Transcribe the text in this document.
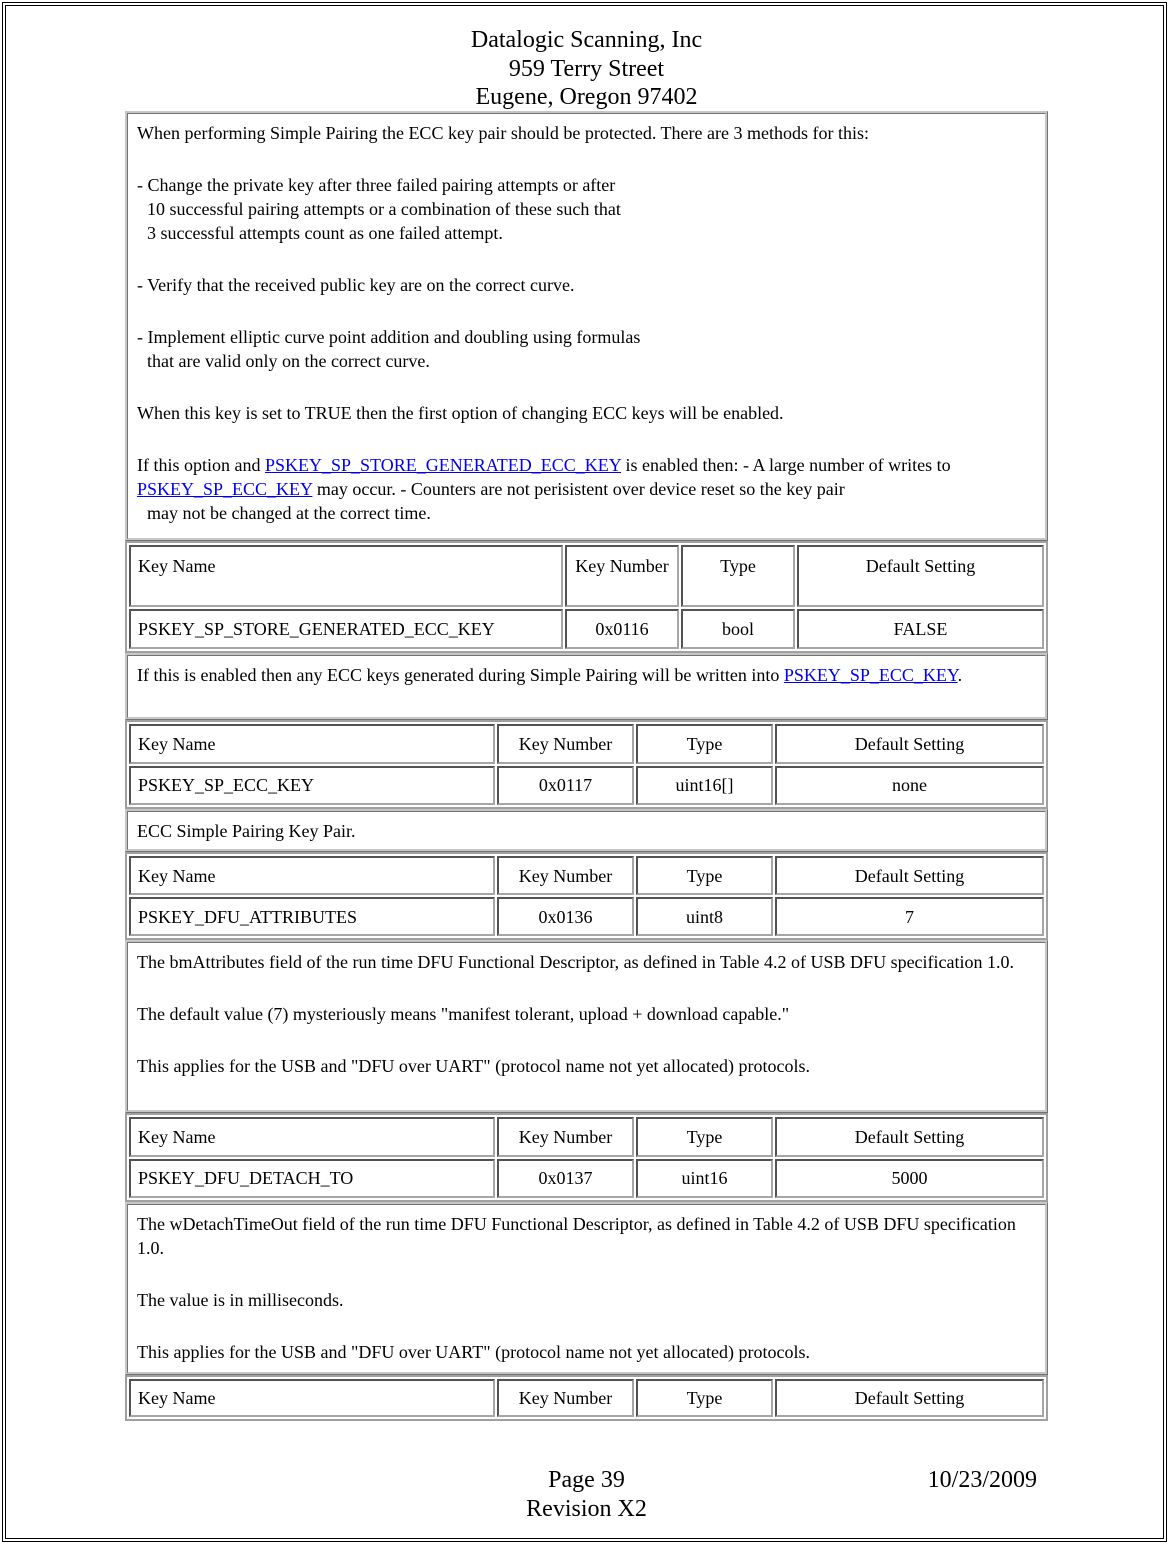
Datalogic Scanning, Inc
959 Terry Street
Eugene, Oregon 97402

When performing Simple Pairing the ECC key pair should be protected. There are 3 methods for this:

- Change the private key after three failed pairing attempts or after
10 successful pairing attempts or a combination of these such that
3 successful attempts count as one failed attempt.

- Verify that the received public key are on the correct curve.

- Implement elliptic curve point addition and doubling using formulas
that are valid only on the correct curve.

When this key is set to TRUE then the first option of changing ECC keys will be enabled.

If this option and PSKEY_SP_STORE_GENERATED_ECC_KEY is enabled then: - A large number of writes to PSKEY_SP_ECC_KEY may occur. - Counters are not perisistent over device reset so the key pair
may not be changed at the correct time.

Key Name	Key Number	Type	Default Setting
PSKEY_SP_STORE_GENERATED_ECC_KEY	0x0116	bool	FALSE

If this is enabled then any ECC keys generated during Simple Pairing will be written into PSKEY_SP_ECC_KEY.

Key Name	Key Number	Type	Default Setting
PSKEY_SP_ECC_KEY	0x0117	uint16[]	none

ECC Simple Pairing Key Pair.

Key Name	Key Number	Type	Default Setting
PSKEY_DFU_ATTRIBUTES	0x0136	uint8	7

The bmAttributes field of the run time DFU Functional Descriptor, as defined in Table 4.2 of USB DFU specification 1.0.

The default value (7) mysteriously means "manifest tolerant, upload + download capable."

This applies for the USB and "DFU over UART" (protocol name not yet allocated) protocols.

Key Name	Key Number	Type	Default Setting
PSKEY_DFU_DETACH_TO	0x0137	uint16	5000

The wDetachTimeOut field of the run time DFU Functional Descriptor, as defined in Table 4.2 of USB DFU specification 1.0.

The value is in milliseconds.

This applies for the USB and "DFU over UART" (protocol name not yet allocated) protocols.

Key Name	Key Number	Type	Default Setting
Page 39	10/23/2009
Revision X2
